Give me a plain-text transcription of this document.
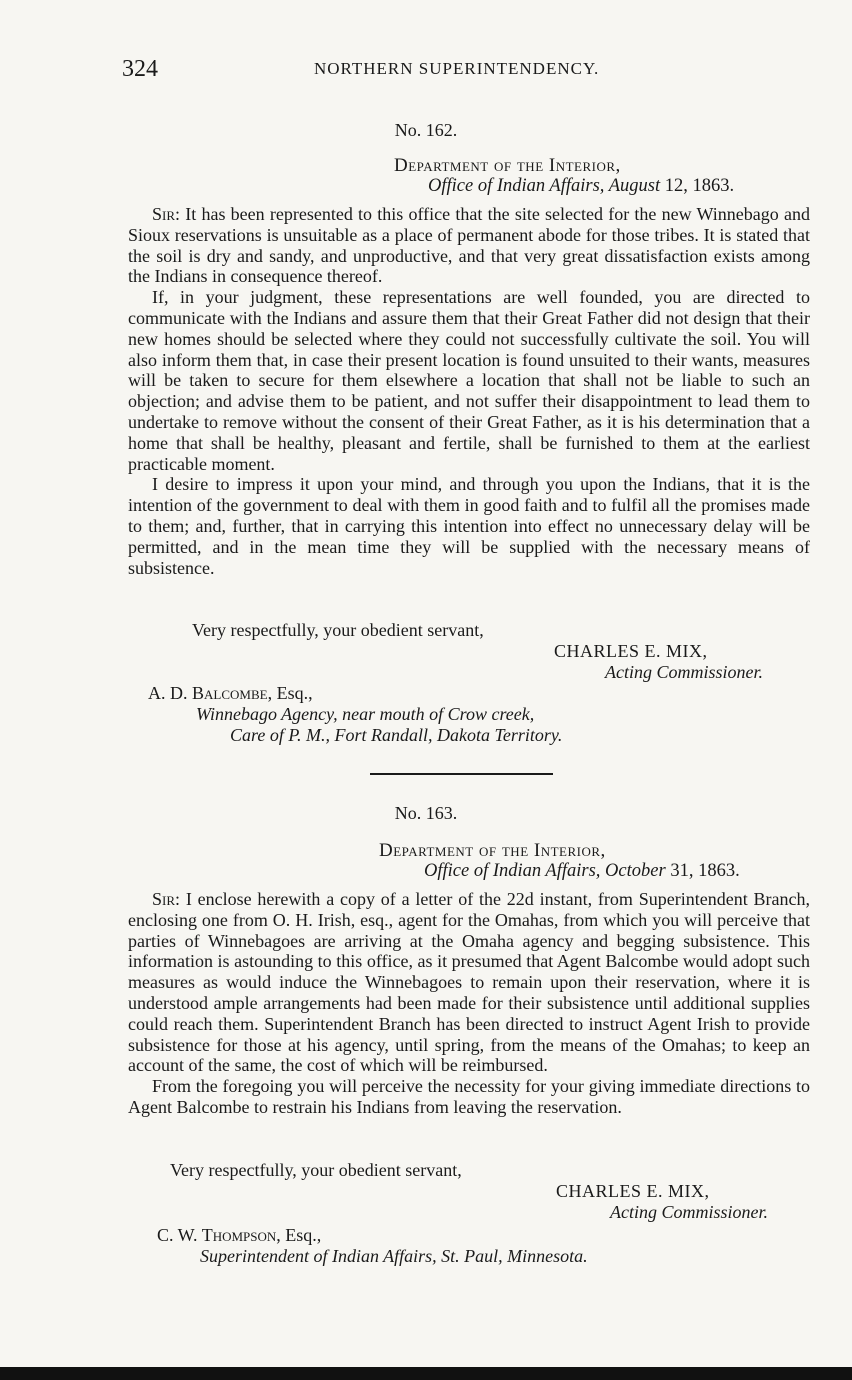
324	NORTHERN SUPERINTENDENCY.
No. 162.
Department of the Interior,
Office of Indian Affairs, August 12, 1863.

Sir: It has been represented to this office that the site selected for the new Winnebago and Sioux reservations is unsuitable as a place of permanent abode for those tribes. It is stated that the soil is dry and sandy, and unproductive, and that very great dissatisfaction exists among the Indians in consequence thereof.

If, in your judgment, these representations are well founded, you are directed to communicate with the Indians and assure them that their Great Father did not design that their new homes should be selected where they could not successfully cultivate the soil. You will also inform them that, in case their present location is found unsuited to their wants, measures will be taken to secure for them elsewhere a location that shall not be liable to such an objection; and advise them to be patient, and not suffer their disappointment to lead them to undertake to remove without the consent of their Great Father, as it is his determination that a home that shall be healthy, pleasant and fertile, shall be furnished to them at the earliest practicable moment.

I desire to impress it upon your mind, and through you upon the Indians, that it is the intention of the government to deal with them in good faith and to fulfil all the promises made to them; and, further, that in carrying this intention into effect no unnecessary delay will be permitted, and in the mean time they will be supplied with the necessary means of subsistence.

Very respectfully, your obedient servant,
CHARLES E. MIX,
Acting Commissioner.
A. D. Balcombe, Esq.,
Winnebago Agency, near mouth of Crow creek,
Care of P. M., Fort Randall, Dakota Territory.
No. 163.
Department of the Interior,
Office of Indian Affairs, October 31, 1863.

Sir: I enclose herewith a copy of a letter of the 22d instant, from Superintendent Branch, enclosing one from O. H. Irish, esq., agent for the Omahas, from which you will perceive that parties of Winnebagoes are arriving at the Omaha agency and begging subsistence. This information is astounding to this office, as it presumed that Agent Balcombe would adopt such measures as would induce the Winnebagoes to remain upon their reservation, where it is understood ample arrangements had been made for their subsistence until additional supplies could reach them. Superintendent Branch has been directed to instruct Agent Irish to provide subsistence for those at his agency, until spring, from the means of the Omahas; to keep an account of the same, the cost of which will be reimbursed.

From the foregoing you will perceive the necessity for your giving immediate directions to Agent Balcombe to restrain his Indians from leaving the reservation.

Very respectfully, your obedient servant,
CHARLES E. MIX,
Acting Commissioner.
C. W. Thompson, Esq.,
Superintendent of Indian Affairs, St. Paul, Minnesota.
